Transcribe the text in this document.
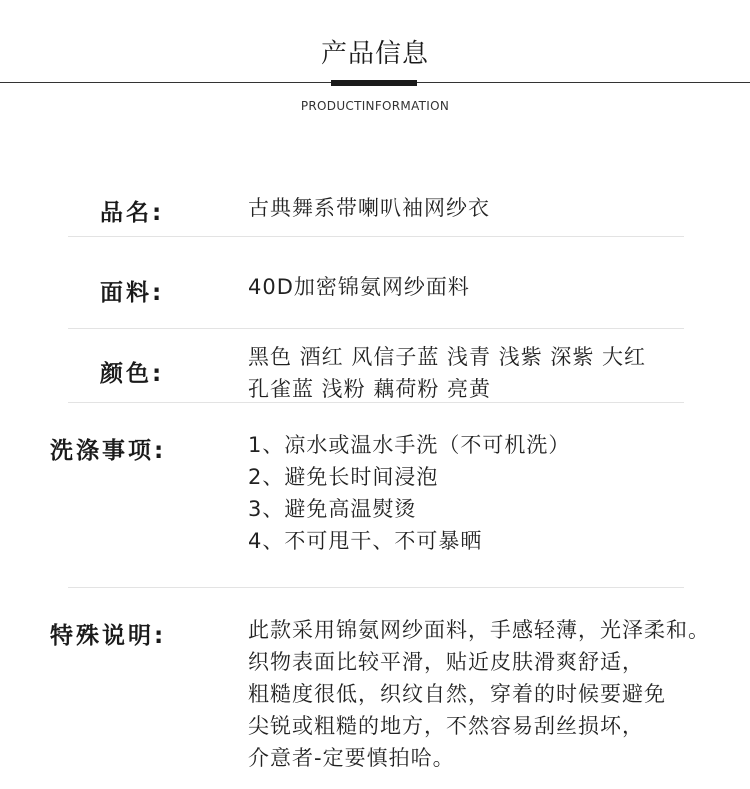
产品信息
PRODUCTINFORMATION
品名:	古典舞系带喇叭袖网纱衣
面料:	40D加密锦氨网纱面料
颜色:
黑色 酒红 风信子蓝 浅青 浅紫 深紫 大红
孔雀蓝 浅粉 藕荷粉 亮黄
洗涤事项:	1、凉水或温水手洗（不可机洗）
2、避免长时间浸泡
3、避免高温熨烫
4、不可甩干、不可暴晒
特殊说明:	此款采用锦氨网纱面料，手感轻薄，光泽柔和。
织物表面比较平滑，贴近皮肤滑爽舒适，
粗糙度很低，织纹自然，穿着的时候要避免
尖锐或粗糙的地方，不然容易刮丝损坏，
介意者-定要慎拍哈。
